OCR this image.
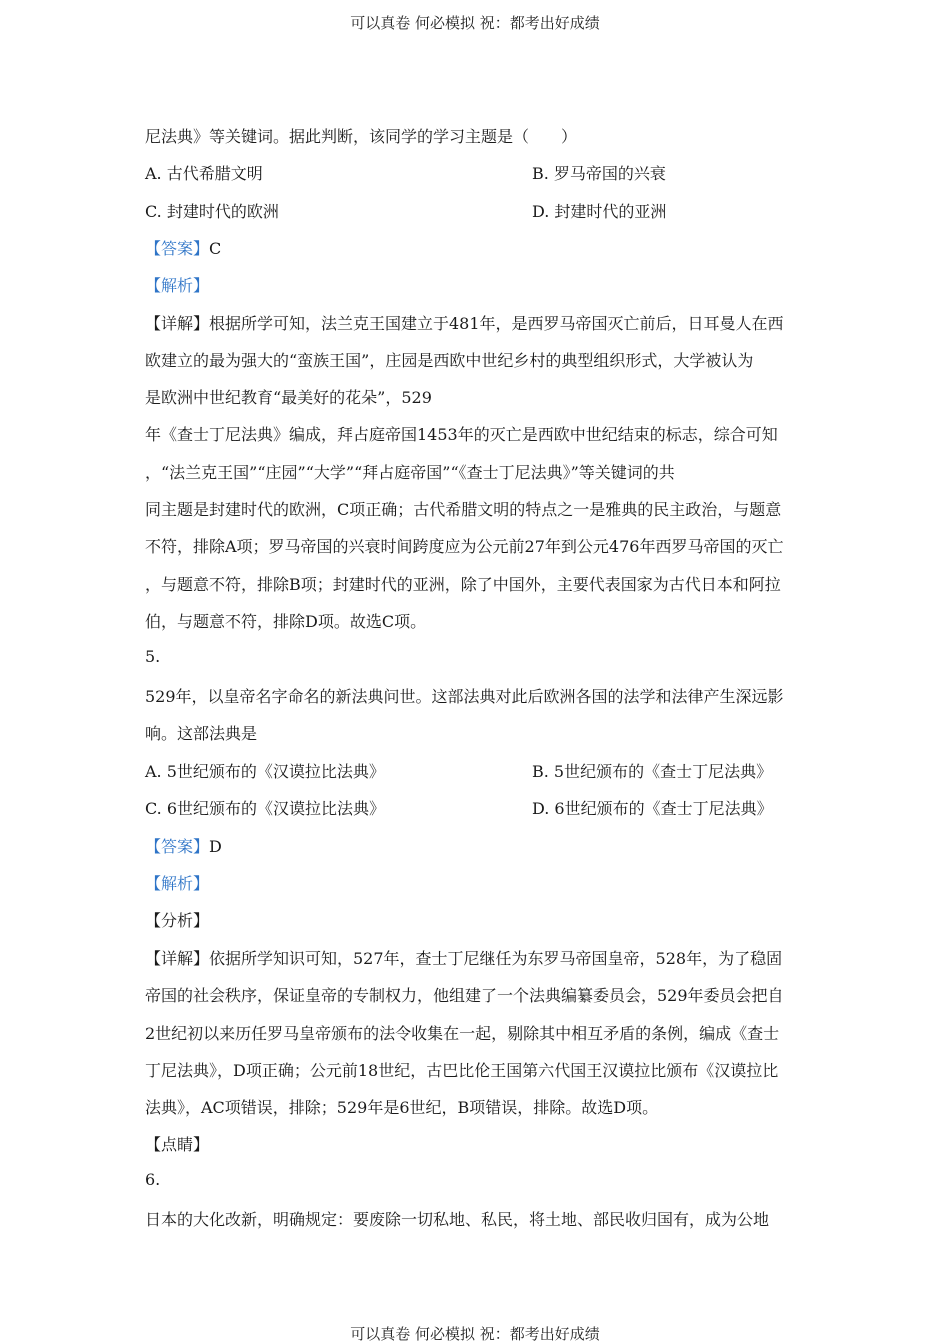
可以真卷 何必模拟 祝：都考出好成绩
尼法典》等关键词。据此判断，该同学的学习主题是（　　）
A. 古代希腊文明	B. 罗马帝国的兴衰
C. 封建时代的欧洲	D. 封建时代的亚洲
【答案】C
【解析】
【详解】根据所学可知，法兰克王国建立于481年，是西罗马帝国灭亡前后，日耳曼人在西
欧建立的最为强大的“蛮族王国”，庄园是西欧中世纪乡村的典型组织形式，大学被认为
是欧洲中世纪教育“最美好的花朵”，529
年《查士丁尼法典》编成，拜占庭帝国1453年的灭亡是西欧中世纪结束的标志，综合可知
，“法兰克王国”“庄园”“大学”“拜占庭帝国”“《查士丁尼法典》”等关键词的共
同主题是封建时代的欧洲，C项正确；古代希腊文明的特点之一是雅典的民主政治，与题意
不符，排除A项；罗马帝国的兴衰时间跨度应为公元前27年到公元476年西罗马帝国的灭亡
，与题意不符，排除B项；封建时代的亚洲，除了中国外，主要代表国家为古代日本和阿拉
伯，与题意不符，排除D项。故选C项。
5.
529年，以皇帝名字命名的新法典问世。这部法典对此后欧洲各国的法学和法律产生深远影
响。这部法典是
A. 5世纪颁布的《汉谟拉比法典》	B. 5世纪颁布的《查士丁尼法典》
C. 6世纪颁布的《汉谟拉比法典》	D. 6世纪颁布的《查士丁尼法典》
【答案】D
【解析】
【分析】
【详解】依据所学知识可知，527年，查士丁尼继任为东罗马帝国皇帝，528年，为了稳固
帝国的社会秩序，保证皇帝的专制权力，他组建了一个法典编纂委员会，529年委员会把自
2世纪初以来历任罗马皇帝颁布的法令收集在一起，剔除其中相互矛盾的条例，编成《查士
丁尼法典》，D项正确；公元前18世纪，古巴比伦王国第六代国王汉谟拉比颁布《汉谟拉比
法典》，AC项错误，排除；529年是6世纪，B项错误，排除。故选D项。
【点睛】
6.
日本的大化改新，明确规定：要废除一切私地、私民，将土地、部民收归国有，成为公地
可以真卷 何必模拟 祝：都考出好成绩
